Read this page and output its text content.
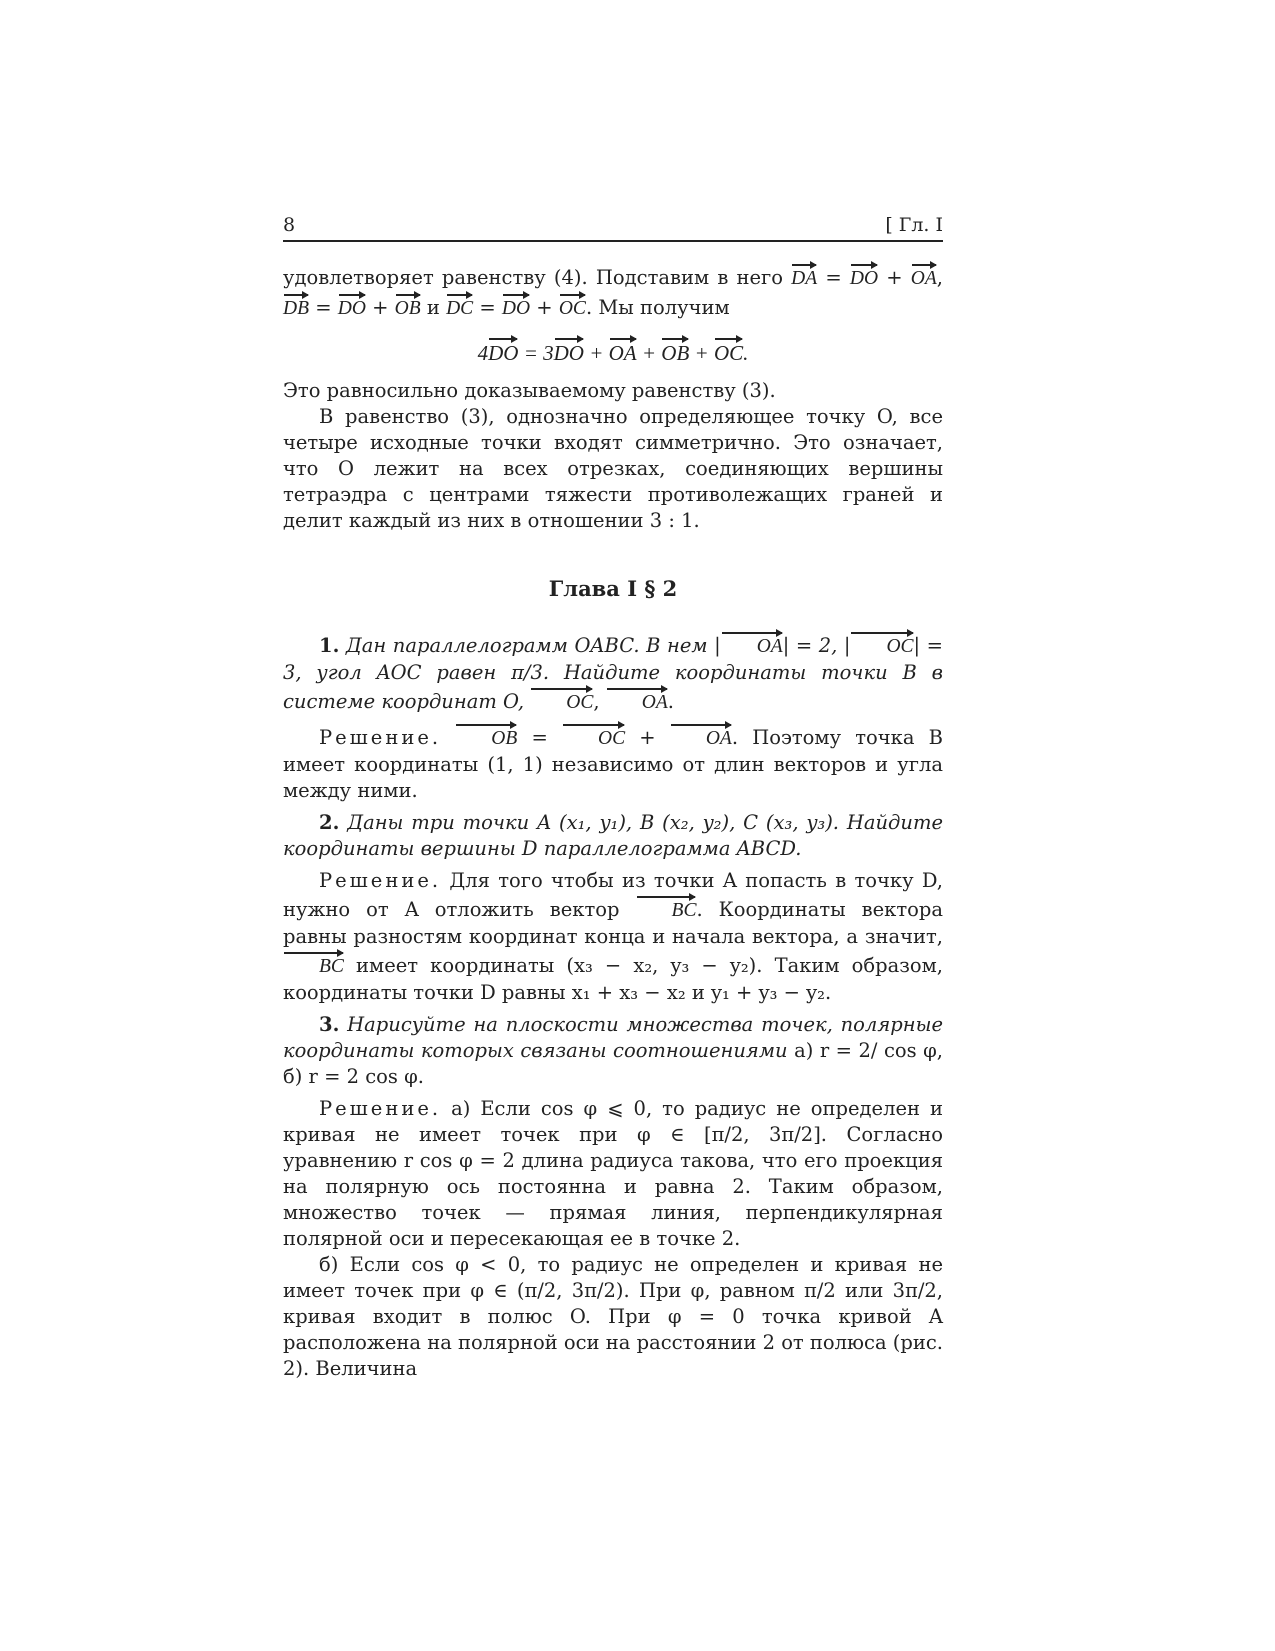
8	[ Гл. I

удовлетворяет равенству (4). Подставим в него DA = DO + OA, DB = DO + OB и DC = DO + OC. Мы получим

4DO = 3DO + OA + OB + OC.

Это равносильно доказываемому равенству (3).

В равенство (3), однозначно определяющее точку O, все четыре исходные точки входят симметрично. Это означает, что O лежит на всех отрезках, соединяющих вершины тетраэдра с центрами тяжести противолежащих граней и делит каждый из них в отношении 3 : 1.

Глава I § 2

1. Дан параллелограмм OABC. В нем | OA| = 2, | OC| = 3, угол AOC равен π/3. Найдите координаты точки B в системе координат O, OC, OA.

Решение.	OB = OC + OA. Поэтому точка B имеет координаты (1, 1) независимо от длин векторов и угла между ними.

2. Даны три точки A (x₁, y₁), B (x₂, y₂), C (x₃, y₃). Найдите координаты вершины D параллелограмма ABCD.

Решение. Для того чтобы из точки A попасть в точку D, нужно от A отложить вектор	BC. Координаты вектора равны разностям координат конца и начала вектора, а значит, BC имеет координаты (x₃ − x₂, y₃ − y₂). Таким образом, координаты точки D равны x₁ + x₃ − x₂ и y₁ + y₃ − y₂.

3. Нарисуйте на плоскости множества точек, полярные координаты которых связаны соотношениями а) r = 2/ cos φ, б) r = 2 cos φ.

Решение. а) Если cos φ ⩽ 0, то радиус не определен и кривая не имеет точек при φ ∈ [π/2, 3π/2]. Согласно уравнению r cos φ = 2 длина радиуса такова, что его проекция на полярную ось постоянна и равна 2. Таким образом, множество точек — прямая линия, перпендикулярная полярной оси и пересекающая ее в точке 2.

б) Если cos φ < 0, то радиус не определен и кривая не имеет точек при φ ∈ (π/2, 3π/2). При φ, равном π/2 или 3π/2, кривая входит в полюс O. При φ = 0 точка кривой A расположена на полярной оси на расстоянии 2 от полюса (рис. 2). Величина
